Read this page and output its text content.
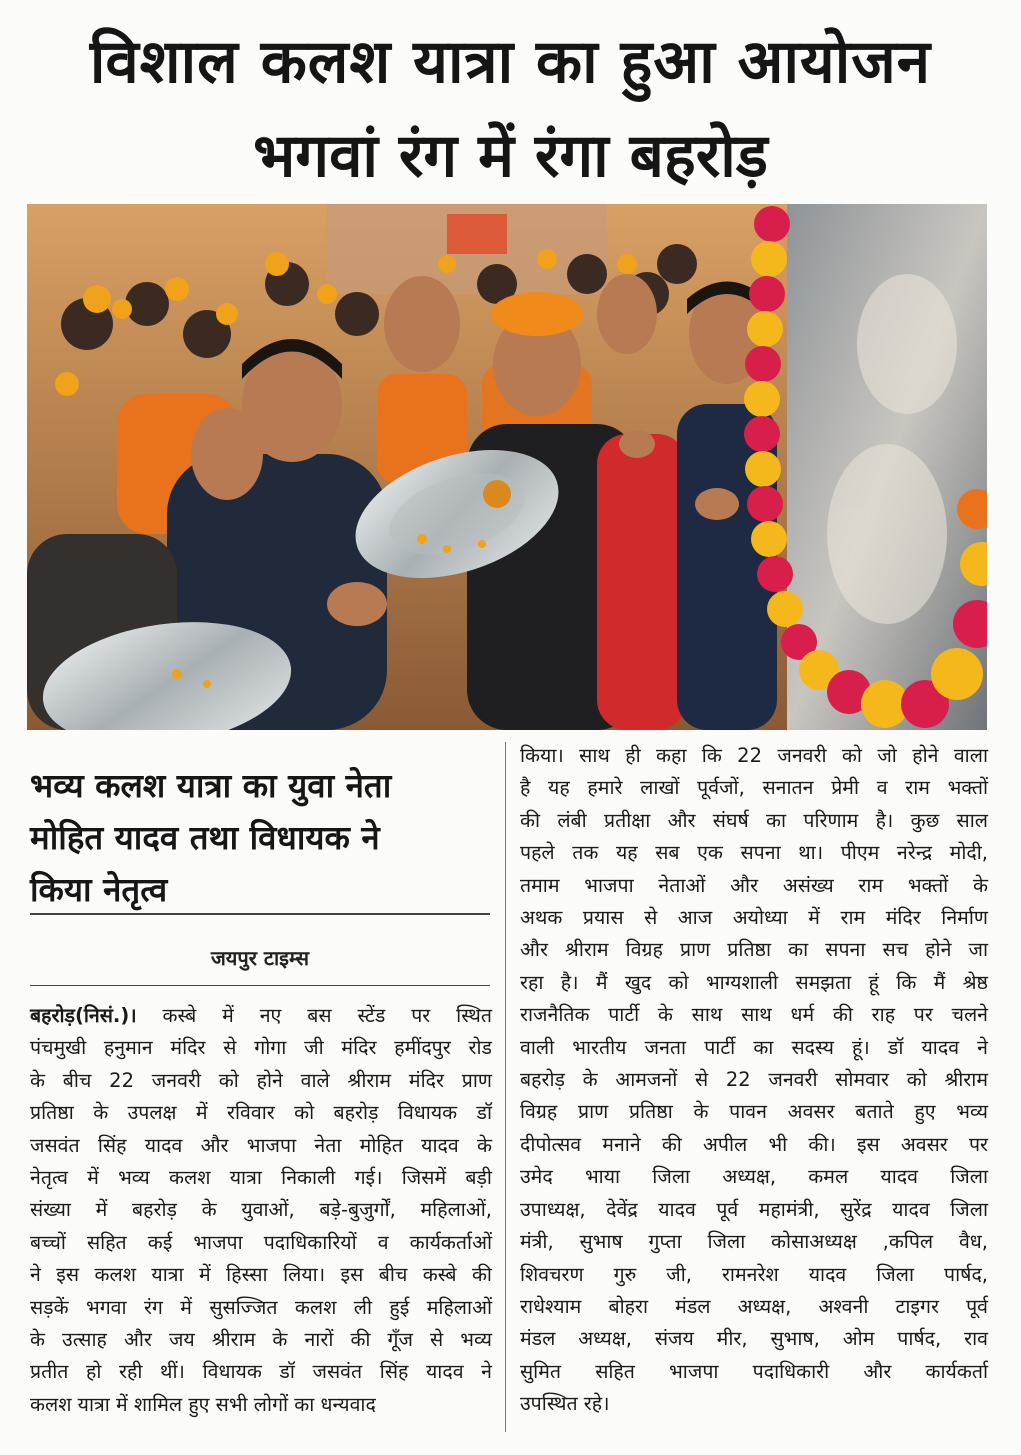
विशाल कलश यात्रा का हुआ आयोजन
भगवां रंग में रंगा बहरोड़
भव्य कलश यात्रा का युवा नेता
मोहित यादव तथा विधायक ने
किया नेतृत्व
जयपुर टाइम्स
बहरोड़(निसं.)। कस्बे में नए बस स्टेंड पर स्थित
पंचमुखी हनुमान मंदिर से गोगा जी मंदिर हमींदपुर रोड
के बीच 22 जनवरी को होने वाले श्रीराम मंदिर प्राण
प्रतिष्ठा के उपलक्ष में रविवार को बहरोड़ विधायक डॉ
जसवंत सिंह यादव और भाजपा नेता मोहित यादव के
नेतृत्व में भव्य कलश यात्रा निकाली गई। जिसमें बड़ी
संख्या में बहरोड़ के युवाओं, बड़े-बुजुर्गों, महिलाओं,
बच्चों सहित कई भाजपा पदाधिकारियों व कार्यकर्ताओं
ने इस कलश यात्रा में हिस्सा लिया। इस बीच कस्बे की
सड़कें भगवा रंग में सुसज्जित कलश ली हुई महिलाओं
के उत्साह और जय श्रीराम के नारों की गूँज से भव्य
प्रतीत हो रही थीं। विधायक डॉ जसवंत सिंह यादव ने
कलश यात्रा में शामिल हुए सभी लोगों का धन्यवाद
किया। साथ ही कहा कि 22 जनवरी को जो होने वाला
है यह हमारे लाखों पूर्वजों, सनातन प्रेमी व राम भक्तों
की लंबी प्रतीक्षा और संघर्ष का परिणाम है। कुछ साल
पहले तक यह सब एक सपना था। पीएम नरेन्द्र मोदी,
तमाम भाजपा नेताओं और असंख्य राम भक्तों के
अथक प्रयास से आज अयोध्या में राम मंदिर निर्माण
और श्रीराम विग्रह प्राण प्रतिष्ठा का सपना सच होने जा
रहा है। मैं खुद को भाग्यशाली समझता हूं कि मैं श्रेष्ठ
राजनैतिक पार्टी के साथ साथ धर्म की राह पर चलने
वाली भारतीय जनता पार्टी का सदस्य हूं। डॉ यादव ने
बहरोड़ के आमजनों से 22 जनवरी सोमवार को श्रीराम
विग्रह प्राण प्रतिष्ठा के पावन अवसर बताते हुए भव्य
दीपोत्सव मनाने की अपील भी की। इस अवसर पर
उमेद भाया जिला अध्यक्ष, कमल यादव जिला
उपाध्यक्ष, देवेंद्र यादव पूर्व महामंत्री, सुरेंद्र यादव जिला
मंत्री, सुभाष गुप्ता जिला कोसाअध्यक्ष ,कपिल वैध,
शिवचरण गुरु जी, रामनरेश यादव जिला पार्षद,
राधेश्याम बोहरा मंडल अध्यक्ष, अश्वनी टाइगर पूर्व
मंडल अध्यक्ष, संजय मीर, सुभाष, ओम पार्षद, राव
सुमित सहित भाजपा पदाधिकारी और कार्यकर्ता
उपस्थित रहे।
